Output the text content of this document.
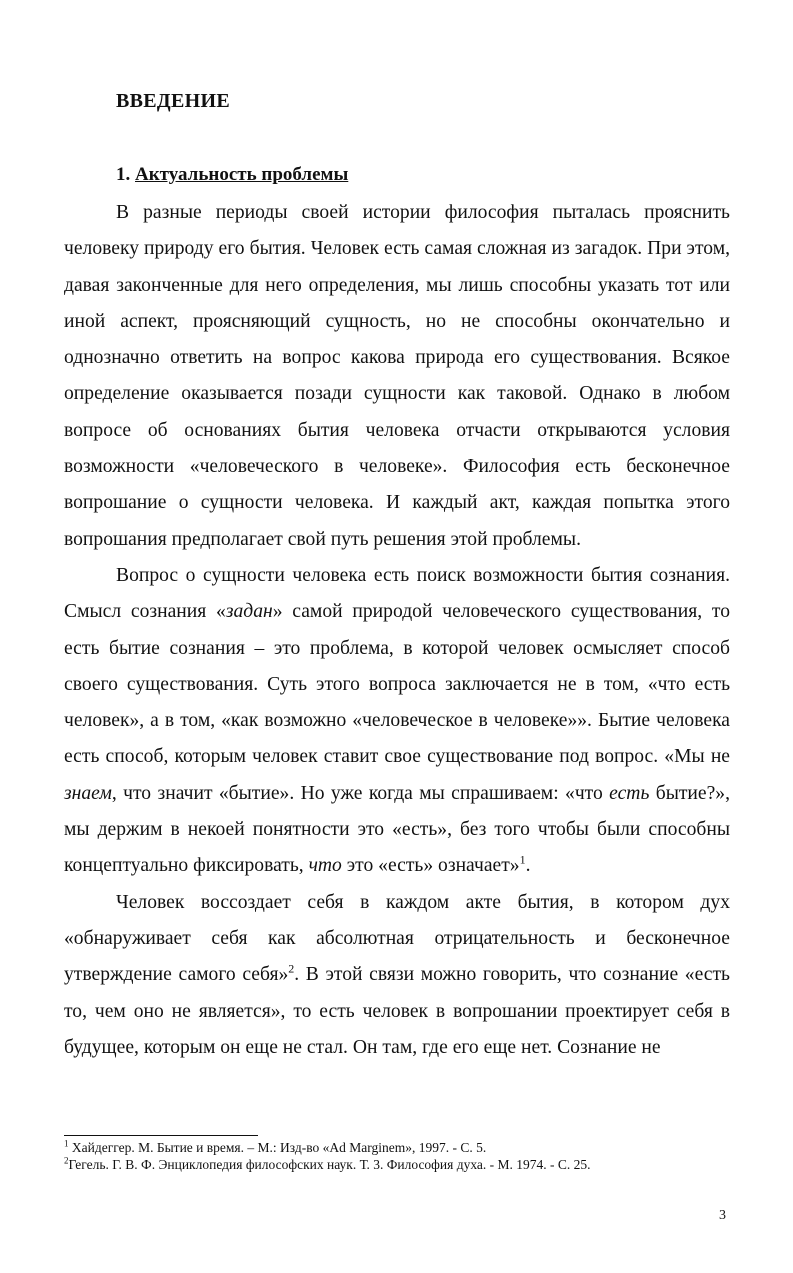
ВВЕДЕНИЕ
1. Актуальность проблемы

В разные периоды своей истории философия пыталась прояснить человеку природу его бытия. Человек есть самая сложная из загадок. При этом, давая законченные для него определения, мы лишь способны указать тот или иной аспект, проясняющий сущность, но не способны окончательно и однозначно ответить на вопрос какова природа его существования. Всякое определение оказывается позади сущности как таковой. Однако в любом вопросе об основаниях бытия человека отчасти открываются условия возможности «человеческого в человеке». Философия есть бесконечное вопрошание о сущности человека. И каждый акт, каждая попытка этого вопрошания предполагает свой путь решения этой проблемы.

Вопрос о сущности человека есть поиск возможности бытия сознания. Смысл сознания «задан» самой природой человеческого существования, то есть бытие сознания – это проблема, в которой человек осмысляет способ своего существования. Суть этого вопроса заключается не в том, «что есть человек», а в том, «как возможно «человеческое в человеке»». Бытие человека есть способ, которым человек ставит свое существование под вопрос. «Мы не знаем, что значит «бытие». Но уже когда мы спрашиваем: «что есть бытие?», мы держим в некоей понятности это «есть», без того чтобы были способны концептуально фиксировать, что это «есть» означает»$^1$.

Человек воссоздает себя в каждом акте бытия, в котором дух «обнаруживает себя как абсолютная отрицательность и бесконечное утверждение самого себя»$^2$. В этой связи можно говорить, что сознание «есть то, чем оно не является», то есть человек в вопрошании проектирует себя в будущее, которым он еще не стал. Он там, где его еще нет. Сознание не

$^1$ Хайдеггер. М. Бытие и время. – М.: Изд-во «Ad Marginem», 1997. - С. 5.

$^2$Гегель. Г. В. Ф. Энциклопедия философских наук. Т. 3. Философия духа. - М. 1974. - С. 25.

3
